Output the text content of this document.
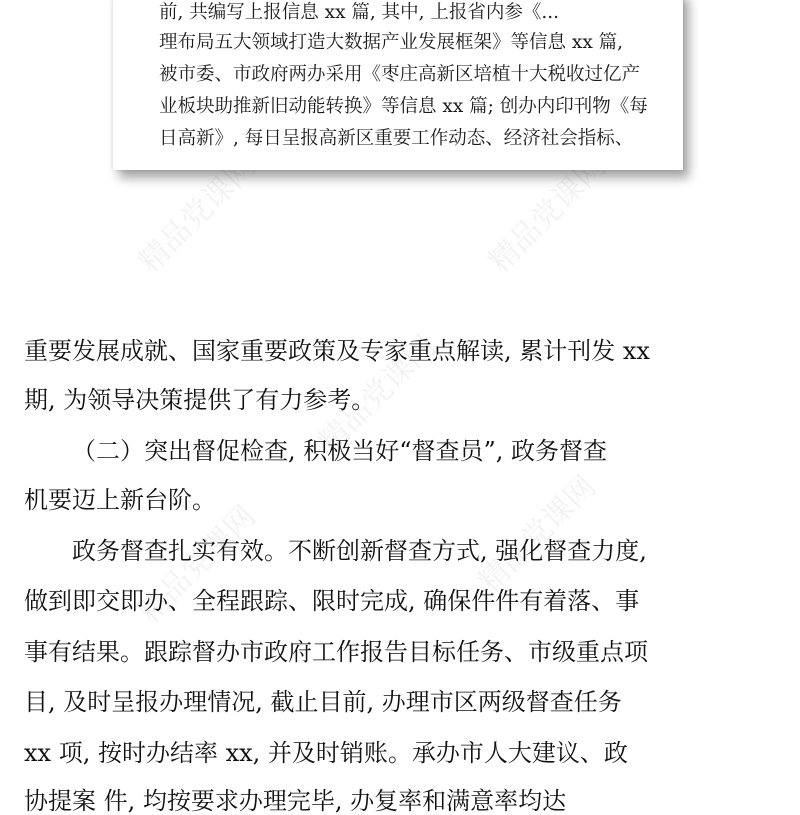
精品党课网	精品党课网
精品党课网
精品党课网
精品党课网
前, 共编写上报信息 xx 篇, 其中, 上报省内参《...
理布局五大领域打造大数据产业发展框架》等信息 xx 篇,
被市委、市政府两办采用《枣庄高新区培植十大税收过亿产
业板块助推新旧动能转换》等信息 xx 篇; 创办内印刊物《每
日高新》, 每日呈报高新区重要工作动态、经济社会指标、
重要发展成就、国家重要政策及专家重点解读, 累计刊发 xx
期, 为领导决策提供了有力参考。
（二）突出督促检查, 积极当好“督查员”, 政务督查
机要迈上新台阶。
政务督查扎实有效。不断创新督查方式, 强化督查力度,
做到即交即办、全程跟踪、限时完成, 确保件件有着落、事
事有结果。跟踪督办市政府工作报告目标任务、市级重点项
目, 及时呈报办理情况, 截止目前, 办理市区两级督查任务
xx 项, 按时办结率 xx, 并及时销账。承办市人大建议、政
协提案 件, 均按要求办理完毕, 办复率和满意率均达
